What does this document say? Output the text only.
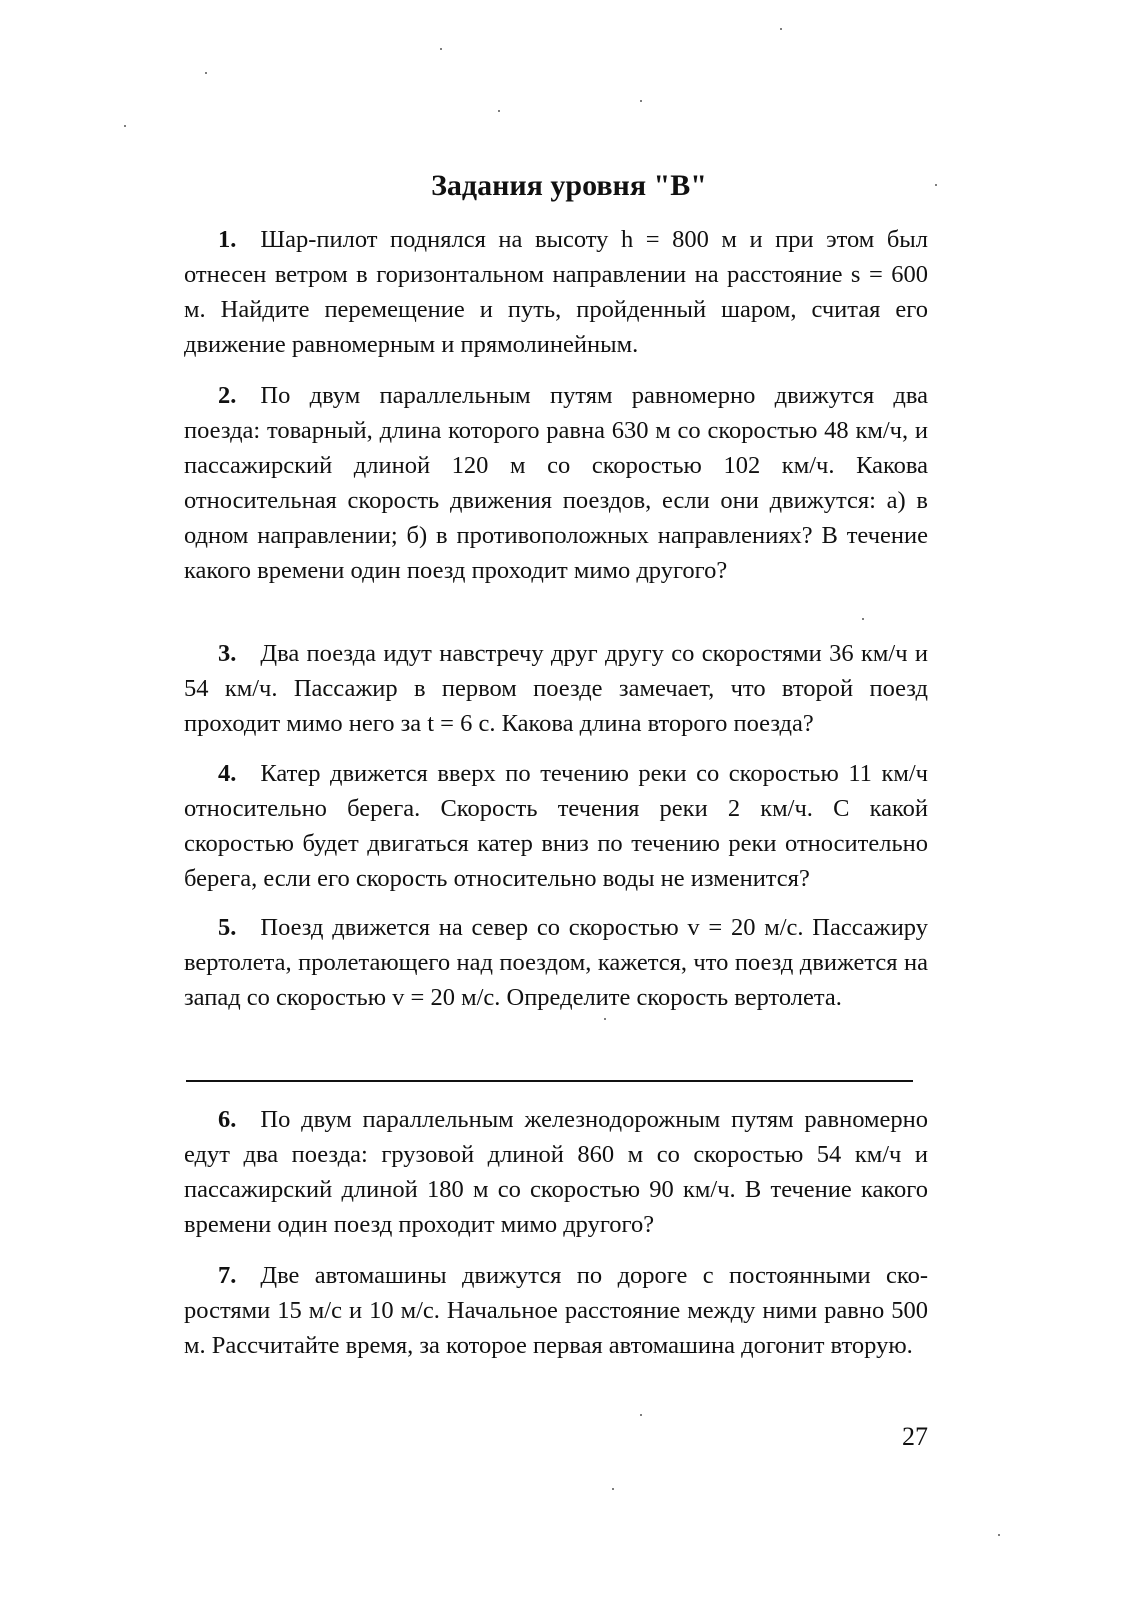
Задания уровня "В"

1. Шар-пилот поднялся на высоту h = 800 м и при этом был отнесен ветром в горизонтальном направлении на расстояние s = 600 м. Найдите перемещение и путь, пройденный шаром, считая его движение равномерным и прямолинейным.

2. По двум параллельным путям равномерно движутся два поезда: товарный, длина которого равна 630 м со скоростью 48 км/ч, и пассажирский длиной 120 м со скоростью 102 км/ч. Какова относительная скорость движения поездов, если они движутся: а) в одном направлении; б) в противоположных направлениях? В течение какого времени один поезд проходит мимо другого?

3. Два поезда идут навстречу друг другу со скоростями 36 км/ч и 54 км/ч. Пассажир в первом поезде замечает, что второй поезд проходит мимо него за t = 6 с. Какова длина второго поезда?

4. Катер движется вверх по течению реки со скоростью 11 км/ч относительно берега. Скорость течения реки 2 км/ч. С какой скоростью будет двигаться катер вниз по течению реки относительно берега, если его скорость относительно воды не изменится?

5. Поезд движется на север со скоростью v = 20 м/с. Пассажиру вертолета, пролетающего над поездом, кажется, что поезд движется на запад со скоростью v = 20 м/с. Определите скорость вертолета.

6. По двум параллельным железнодорожным путям равномерно едут два поезда: грузовой длиной 860 м со скоростью 54 км/ч и пассажирский длиной 180 м со скоростью 90 км/ч. В течение какого времени один поезд проходит мимо другого?

7. Две автомашины движутся по дороге с постоянными скоростями 15 м/с и 10 м/с. Начальное расстояние между ними равно 500 м. Рассчитайте время, за которое первая автомашина догонит вторую.

27
